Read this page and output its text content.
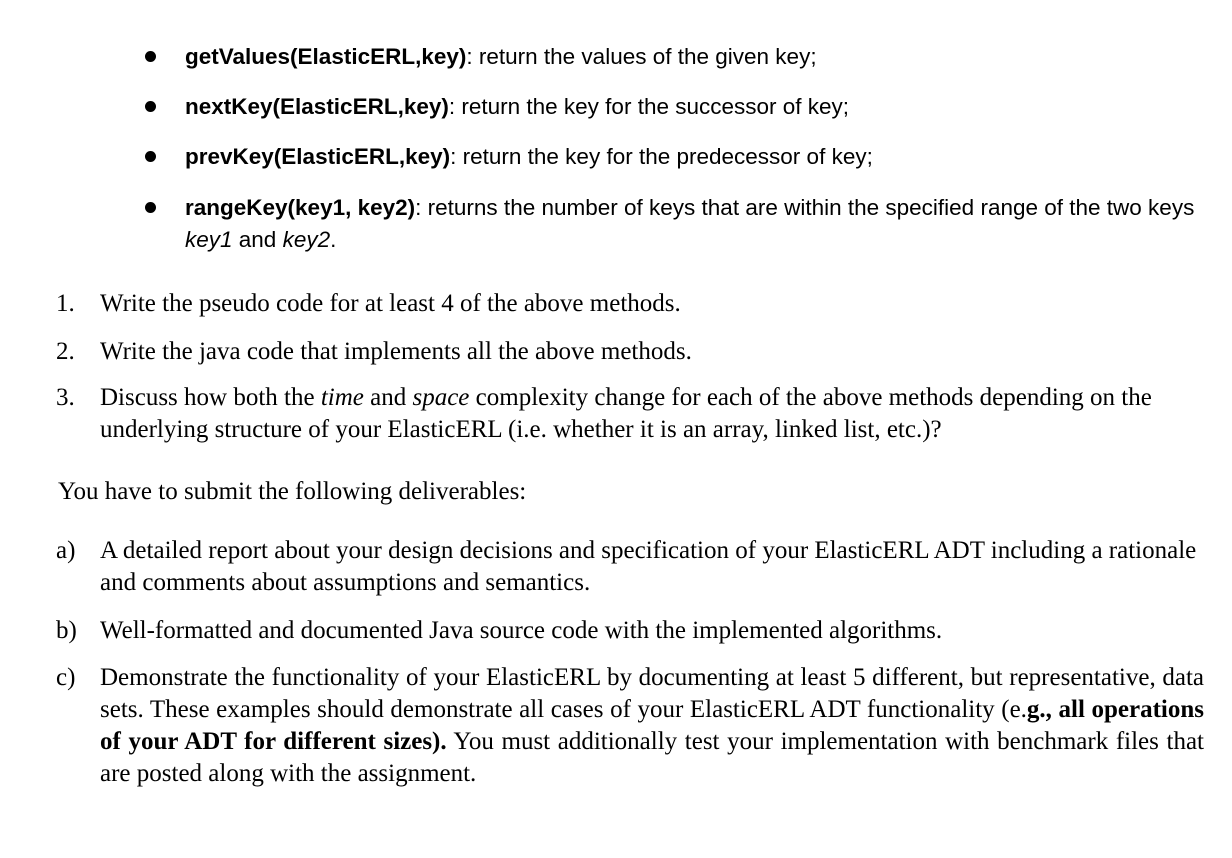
getValues(ElasticERL,key): return the values of the given key;
nextKey(ElasticERL,key): return the key for the successor of key;
prevKey(ElasticERL,key): return the key for the predecessor of key;
rangeKey(key1, key2): returns the number of keys that are within the specified range of the two keys key1 and key2.
1. Write the pseudo code for at least 4 of the above methods.
2. Write the java code that implements all the above methods.
3. Discuss how both the time and space complexity change for each of the above methods depending on the underlying structure of your ElasticERL (i.e. whether it is an array, linked list, etc.)?
You have to submit the following deliverables:
a) A detailed report about your design decisions and specification of your ElasticERL ADT including a rationale and comments about assumptions and semantics.
b) Well-formatted and documented Java source code with the implemented algorithms.
c) Demonstrate the functionality of your ElasticERL by documenting at least 5 different, but representative, data sets. These examples should demonstrate all cases of your ElasticERL ADT functionality (e.g., all operations of your ADT for different sizes). You must additionally test your implementation with benchmark files that are posted along with the assignment.
